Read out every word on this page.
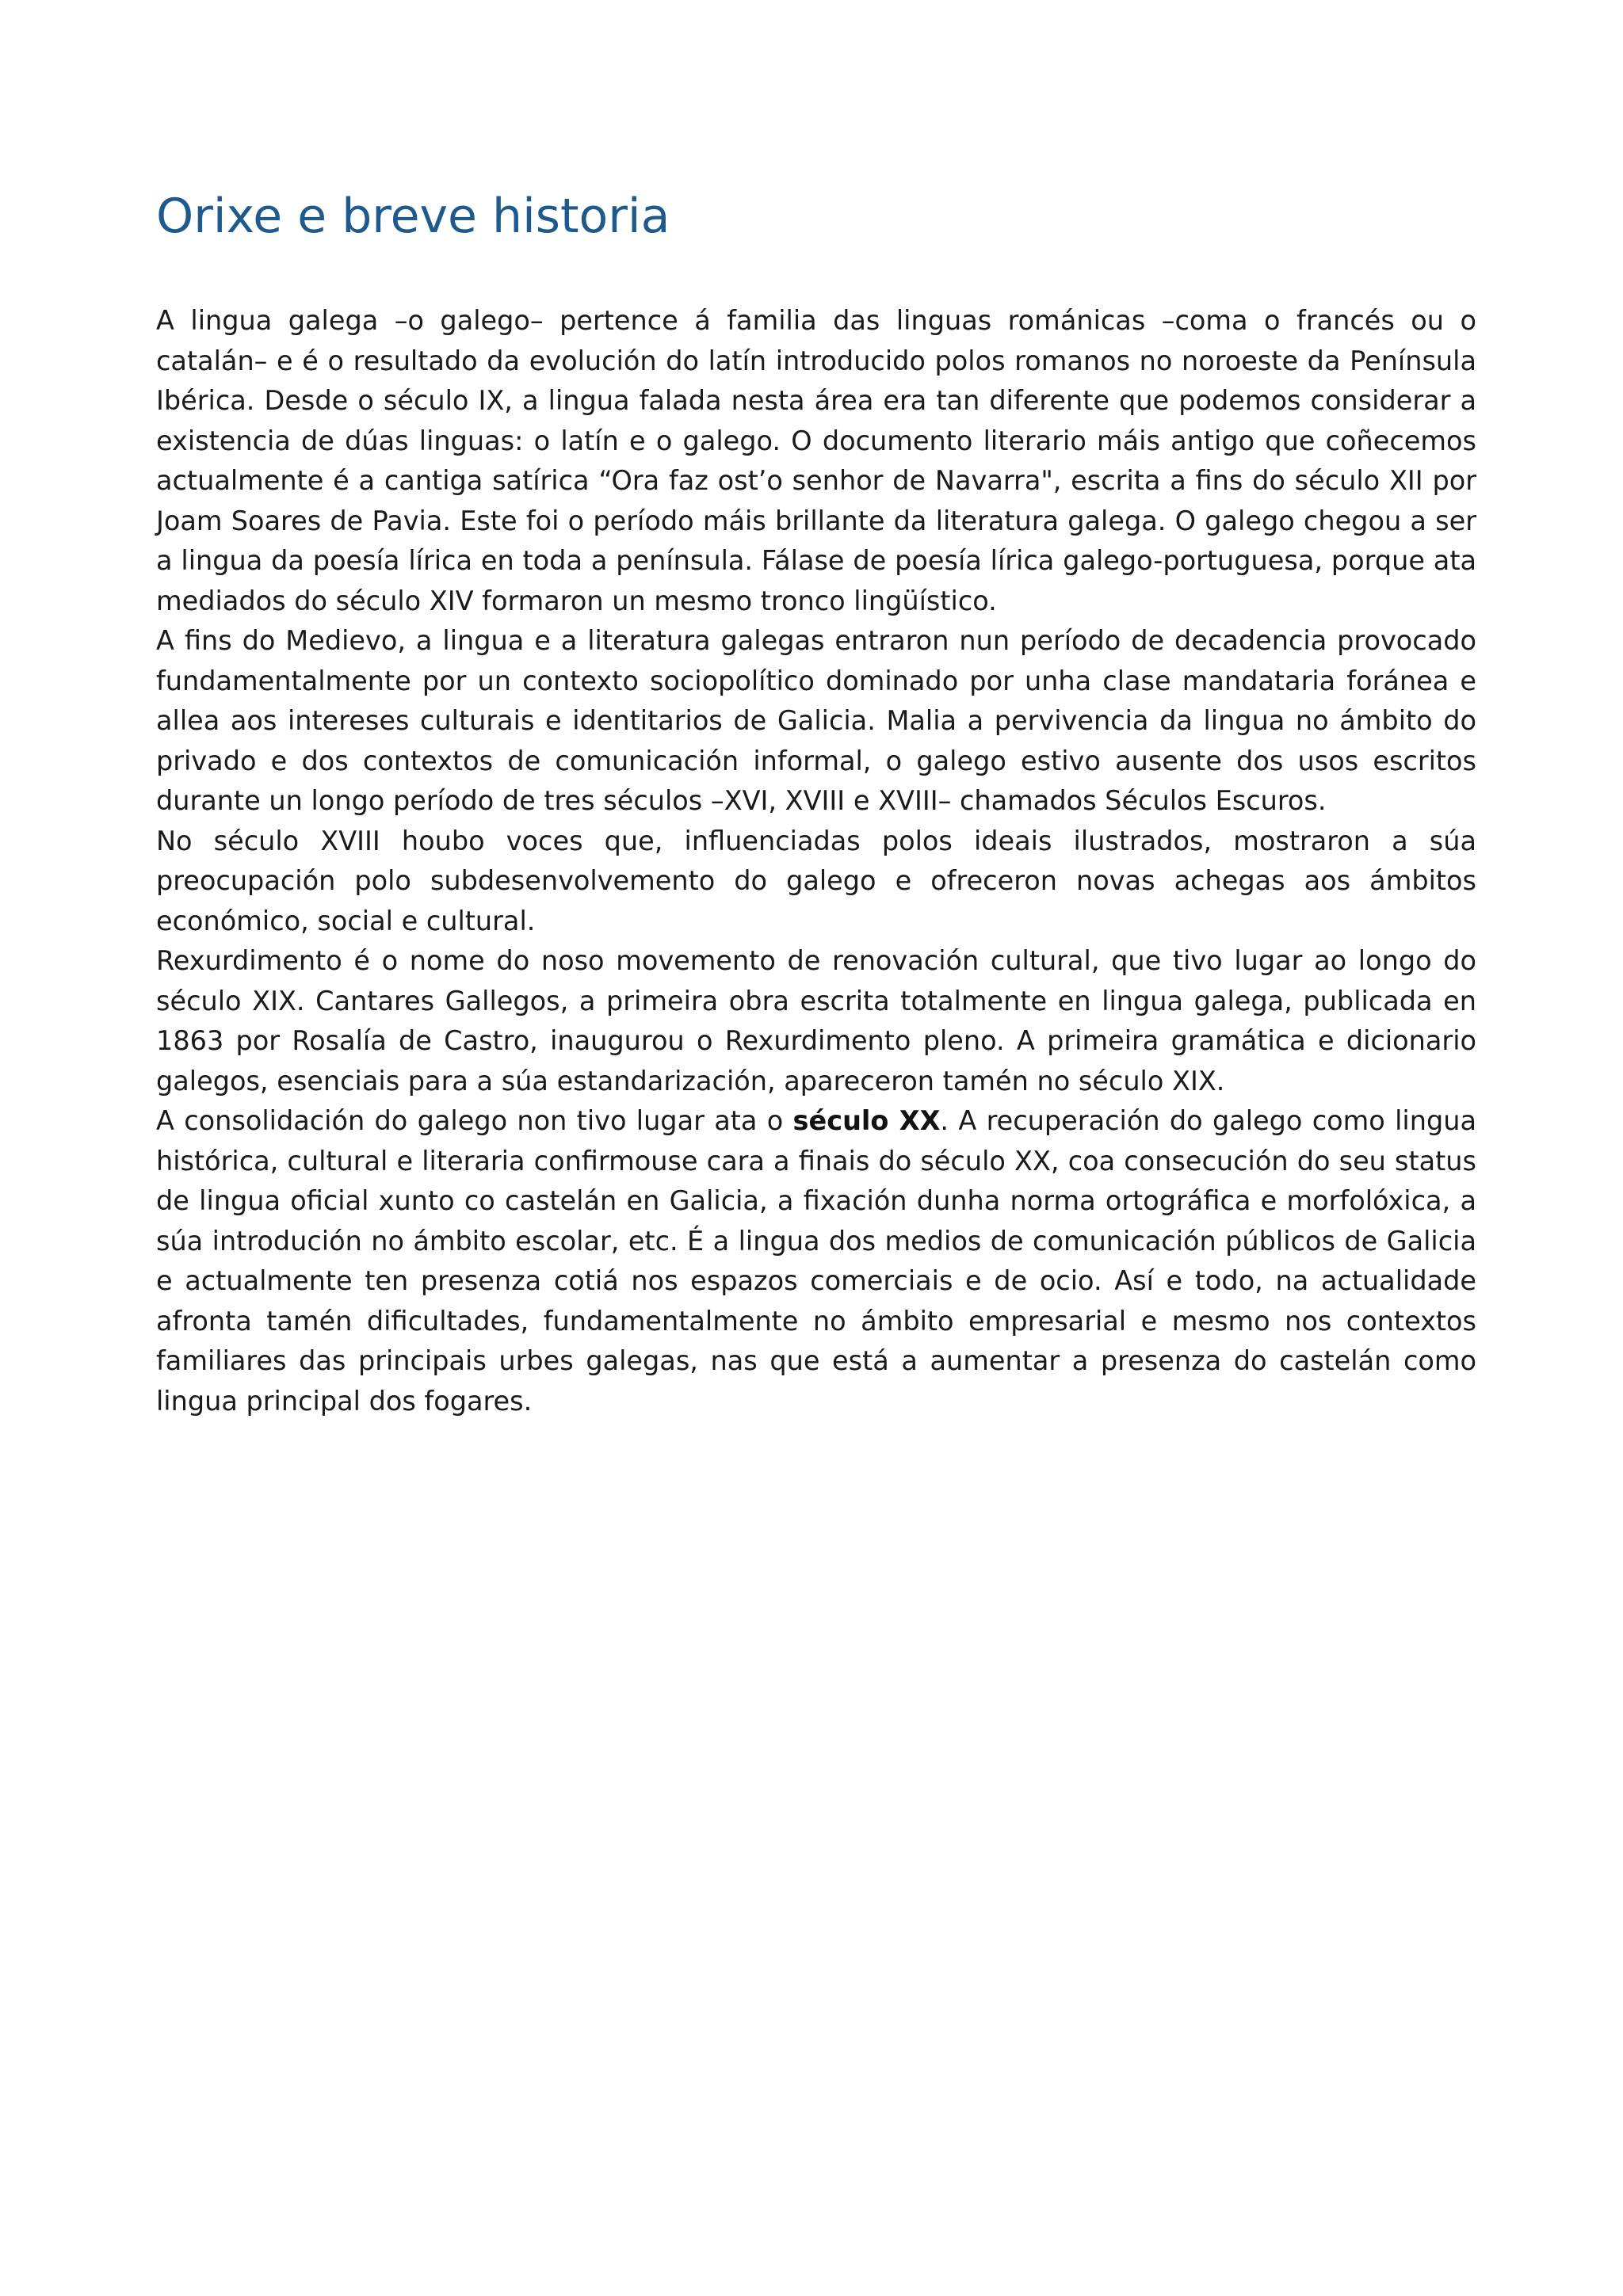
Orixe e breve historia

A lingua galega –o galego– pertence á familia das linguas románicas –coma o francés ou o catalán– e é o resultado da evolución do latín introducido polos romanos no noroeste da Península Ibérica. Desde o século IX, a lingua falada nesta área era tan diferente que podemos considerar a existencia de dúas linguas: o latín e o galego. O documento literario máis antigo que coñecemos actualmente é a cantiga satírica “Ora faz ost’o senhor de Navarra", escrita a fins do século XII por Joam Soares de Pavia. Este foi o período máis brillante da literatura galega. O galego chegou a ser a lingua da poesía lírica en toda a península. Fálase de poesía lírica galego-portuguesa, porque ata mediados do século XIV formaron un mesmo tronco lingüístico.

A fins do Medievo, a lingua e a literatura galegas entraron nun período de decadencia provocado fundamentalmente por un contexto sociopolítico dominado por unha clase mandataria foránea e allea aos intereses culturais e identitarios de Galicia. Malia a pervivencia da lingua no ámbito do privado e dos contextos de comunicación informal, o galego estivo ausente dos usos escritos durante un longo período de tres séculos –XVI, XVIII e XVIII– chamados Séculos Escuros.

No século XVIII houbo voces que, influenciadas polos ideais ilustrados, mostraron a súa preocupación polo subdesenvolvemento do galego e ofreceron novas achegas aos ámbitos económico, social e cultural.

Rexurdimento é o nome do noso movemento de renovación cultural, que tivo lugar ao longo do século XIX. Cantares Gallegos, a primeira obra escrita totalmente en lingua galega, publicada en 1863 por Rosalía de Castro, inaugurou o Rexurdimento pleno. A primeira gramática e dicionario galegos, esenciais para a súa estandarización, apareceron tamén no século XIX.

A consolidación do galego non tivo lugar ata o século XX. A recuperación do galego como lingua histórica, cultural e literaria confirmouse cara a finais do século XX, coa consecución do seu status de lingua oficial xunto co castelán en Galicia, a fixación dunha norma ortográfica e morfolóxica, a súa introdución no ámbito escolar, etc. É a lingua dos medios de comunicación públicos de Galicia e actualmente ten presenza cotiá nos espazos comerciais e de ocio. Así e todo, na actualidade afronta tamén dificultades, fundamentalmente no ámbito empresarial e mesmo nos contextos familiares das principais urbes galegas, nas que está a aumentar a presenza do castelán como lingua principal dos fogares.
